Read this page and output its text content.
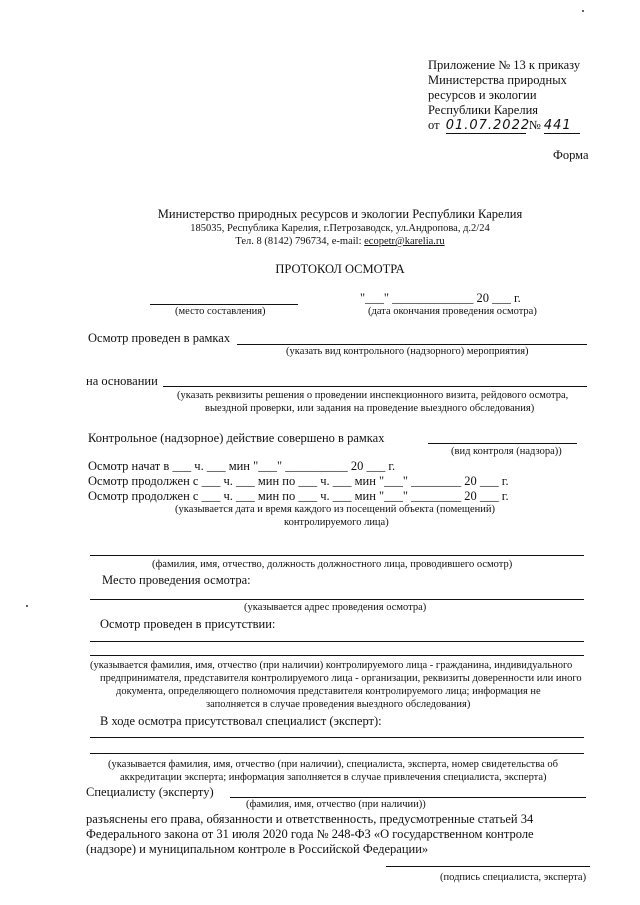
Приложение № 13 к приказу
Министерства природных
ресурсов и экологии
Республики Карелия
от 01.07.2022 № 441
Форма
Министерство природных ресурсов и экологии Республики Карелия
185035, Республика Карелия, г.Петрозаводск, ул.Андропова, д.2/24
Тел. 8 (8142) 796734, e-mail: ecopetr@karelia.ru
ПРОТОКОЛ ОСМОТРА
"___" _____________ 20 ___ г.
(место составления)	(дата окончания проведения осмотра)
Осмотр проведен в рамках
(указать вид контрольного (надзорного) мероприятия)
на основании
(указать реквизиты решения о проведении инспекционного визита, рейдового осмотра,
выездной проверки, или задания на проведение выездного обследования)
Контрольное (надзорное) действие совершено в рамках
(вид контроля (надзора))
Осмотр начат в ___ ч. ___ мин "___" __________ 20 ___ г.
Осмотр продолжен с ___ ч. ___ мин по ___ ч. ___ мин "___" ________ 20 ___ г.
Осмотр продолжен с ___ ч. ___ мин по ___ ч. ___ мин "___" ________ 20 ___ г.
(указывается дата и время каждого из посещений объекта (помещений)
контролируемого лица)
(фамилия, имя, отчество, должность должностного лица, проводившего осмотр)
Место проведения осмотра:
(указывается адрес проведения осмотра)
Осмотр проведен в присутствии:
(указывается фамилия, имя, отчество (при наличии) контролируемого лица - гражданина, индивидуального
предпринимателя, представителя контролируемого лица - организации, реквизиты доверенности или иного
документа, определяющего полномочия представителя контролируемого лица; информация не
заполняется в случае проведения выездного обследования)
В ходе осмотра присутствовал специалист (эксперт):
(указывается фамилия, имя, отчество (при наличии), специалиста, эксперта, номер свидетельства об
аккредитации эксперта; информация заполняется в случае привлечения специалиста, эксперта)
Специалисту (эксперту)
(фамилия, имя, отчество (при наличии))
разъяснены его права, обязанности и ответственность, предусмотренные статьей 34
Федерального закона от 31 июля 2020 года № 248-ФЗ «О государственном контроле
(надзоре) и муниципальном контроле в Российской Федерации»
(подпись специалиста, эксперта)
